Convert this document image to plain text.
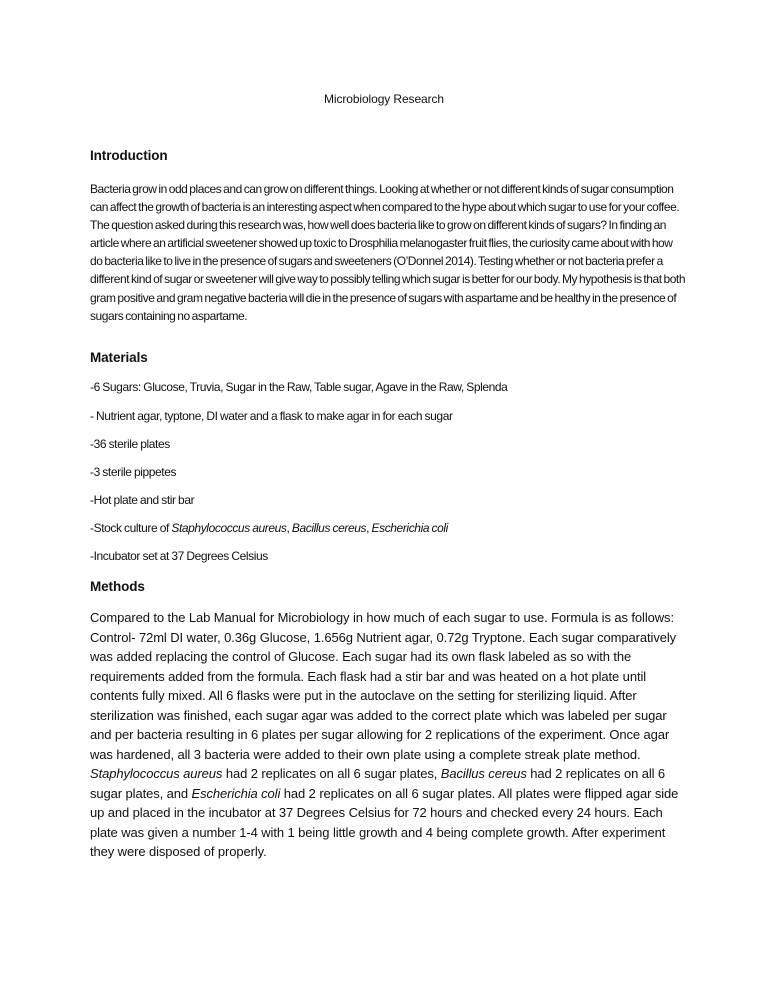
Microbiology Research
Introduction
Bacteria grow in odd places and can grow on different things. Looking at whether or not different kinds of sugar consumption can affect the growth of bacteria is an interesting aspect when compared to the hype about which sugar to use for your coffee. The question asked during this research was, how well does bacteria like to grow on different kinds of sugars? In finding an article where an artificial sweetener showed up toxic to Drosphilia melanogaster fruit flies, the curiosity came about with how do bacteria like to live in the presence of sugars and sweeteners (O’Donnel 2014). Testing whether or not bacteria prefer a different kind of sugar or sweetener will give way to possibly telling which sugar is better for our body. My hypothesis is that both gram positive and gram negative bacteria will die in the presence of sugars with aspartame and be healthy in the presence of sugars containing no aspartame.
Materials
-6 Sugars: Glucose, Truvia, Sugar in the Raw, Table sugar, Agave in the Raw, Splenda
- Nutrient agar, typtone, DI water and a flask to make agar in for each sugar
-36 sterile plates
-3 sterile pippetes
-Hot plate and stir bar
-Stock culture of Staphylococcus aureus, Bacillus cereus, Escherichia coli
-Incubator set at 37 Degrees Celsius
Methods
Compared to the Lab Manual for Microbiology in how much of each sugar to use. Formula is as follows: Control- 72ml DI water, 0.36g Glucose, 1.656g Nutrient agar, 0.72g Tryptone. Each sugar comparatively was added replacing the control of Glucose. Each sugar had its own flask labeled as so with the requirements added from the formula. Each flask had a stir bar and was heated on a hot plate until contents fully mixed. All 6 flasks were put in the autoclave on the setting for sterilizing liquid. After sterilization was finished, each sugar agar was added to the correct plate which was labeled per sugar and per bacteria resulting in 6 plates per sugar allowing for 2 replications of the experiment. Once agar was hardened, all 3 bacteria were added to their own plate using a complete streak plate method. Staphylococcus aureus had 2 replicates on all 6 sugar plates, Bacillus cereus had 2 replicates on all 6 sugar plates, and Escherichia coli had 2 replicates on all 6 sugar plates. All plates were flipped agar side up and placed in the incubator at 37 Degrees Celsius for 72 hours and checked every 24 hours. Each plate was given a number 1-4 with 1 being little growth and 4 being complete growth. After experiment they were disposed of properly.
